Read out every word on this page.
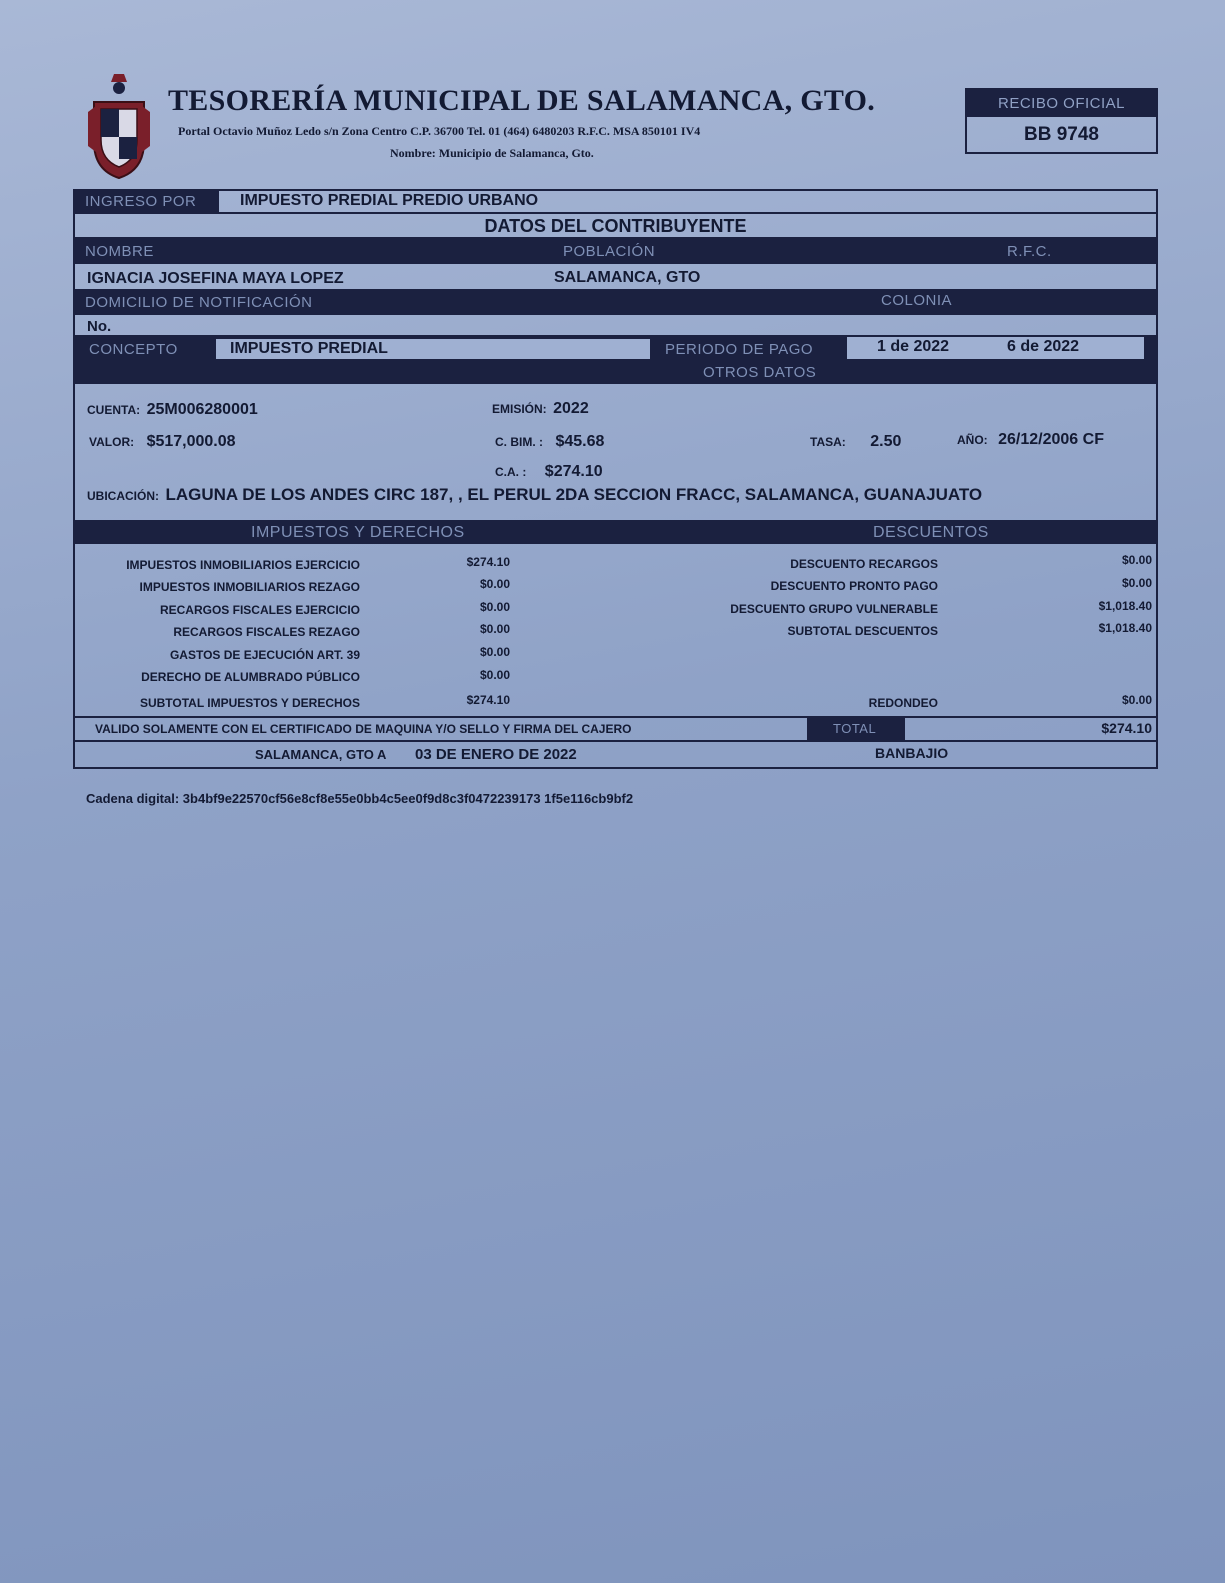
TESORERÍA MUNICIPAL DE SALAMANCA, GTO.
Portal Octavio Muñoz Ledo s/n Zona Centro C.P. 36700 Tel. 01 (464) 6480203 R.F.C. MSA 850101 IV4
Nombre: Municipio de Salamanca, Gto.
RECIBO OFICIAL
BB 9748
INGRESO POR	IMPUESTO PREDIAL PREDIO URBANO
DATOS DEL CONTRIBUYENTE
NOMBRE	POBLACIÓN	R.F.C.
IGNACIA JOSEFINA MAYA LOPEZ	SALAMANCA, GTO
DOMICILIO DE NOTIFICACIÓN	COLONIA
No.
CONCEPTO	PERIODO DE PAGO
IMPUESTO PREDIAL	1 de 2022	6 de 2022
OTROS DATOS
CUENTA: 25M006280001	EMISIÓN: 2022
VALOR: $517,000.08	C. BIM. : $45.68	TASA: 2.50	AÑO: 26/12/2006 CF
C.A. : $274.10
UBICACIÓN: LAGUNA DE LOS ANDES CIRC 187, , EL PERUL 2DA SECCION FRACC, SALAMANCA, GUANAJUATO
IMPUESTOS Y DERECHOS	DESCUENTOS
IMPUESTOS INMOBILIARIOS EJERCICIO	$274.10
IMPUESTOS INMOBILIARIOS REZAGO	$0.00
RECARGOS FISCALES EJERCICIO	$0.00
RECARGOS FISCALES REZAGO	$0.00
GASTOS DE EJECUCIÓN ART. 39	$0.00
DERECHO DE ALUMBRADO PÚBLICO	$0.00
SUBTOTAL IMPUESTOS Y DERECHOS	$274.10
DESCUENTO RECARGOS	$0.00
DESCUENTO PRONTO PAGO	$0.00
DESCUENTO GRUPO VULNERABLE	$1,018.40
SUBTOTAL DESCUENTOS	$1,018.40
REDONDEO	$0.00
VALIDO SOLAMENTE CON EL CERTIFICADO DE MAQUINA Y/O SELLO Y FIRMA DEL CAJERO	TOTAL	$274.10
SALAMANCA, GTO A 03 DE ENERO DE 2022	BANBAJIO
Cadena digital: 3b4bf9e22570cf56e8cf8e55e0bb4c5ee0f9d8c3f0472239173 1f5e116cb9bf2
